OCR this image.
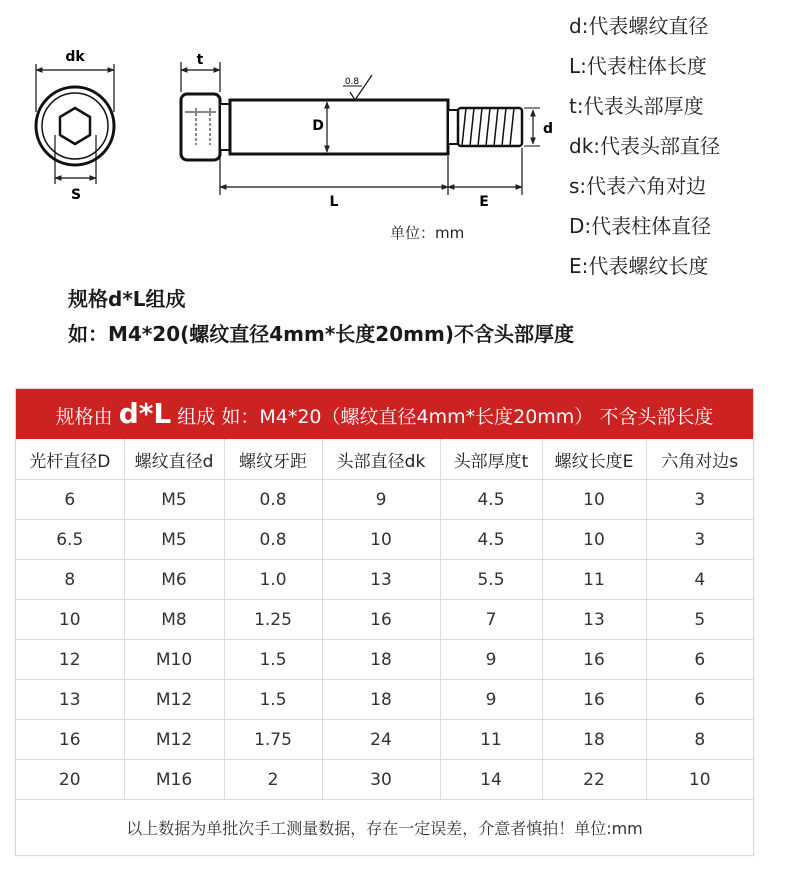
dk
S
t
0.8
D	d
L	E
单位：mm
d:代表螺纹直径
L:代表柱体长度
t:代表头部厚度
dk:代表头部直径
s:代表六角对边
D:代表柱体直径
E:代表螺纹长度
规格d*L组成
如：M4*20(螺纹直径4mm*长度20mm)不含头部厚度
规格由 d*L 组成 如：M4*20（螺纹直径4mm*长度20mm） 不含头部长度
光杆直径D	螺纹直径d	螺纹牙距	头部直径dk	头部厚度t	螺纹长度E	六角对边s
6	M5	0.8	9	4.5	10	3
6.5	M5	0.8	10	4.5	10	3
8	M6	1.0	13	5.5	11	4
10	M8	1.25	16	7	13	5
12	M10	1.5	18	9	16	6
13	M12	1.5	18	9	16	6
16	M12	1.75	24	11	18	8
20	M16	2	30	14	22	10
以上数据为单批次手工测量数据，存在一定误差，介意者慎拍！单位:mm
